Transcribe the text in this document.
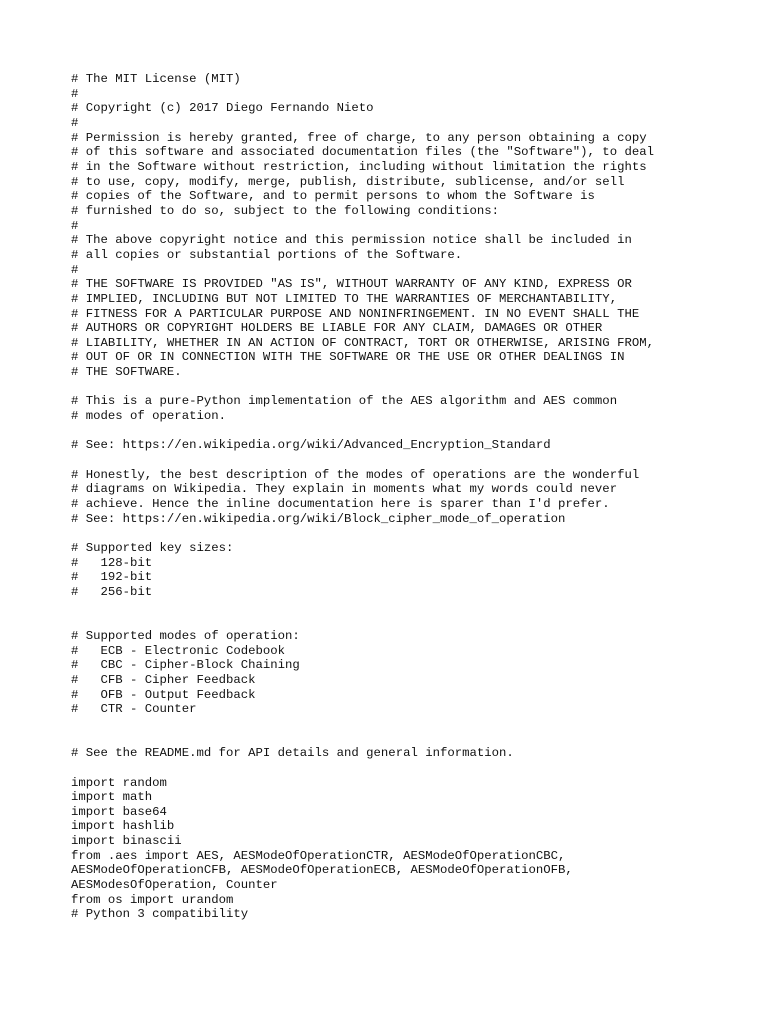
# The MIT License (MIT)
#
# Copyright (c) 2017 Diego Fernando Nieto
#
# Permission is hereby granted, free of charge, to any person obtaining a copy
# of this software and associated documentation files (the "Software"), to deal
# in the Software without restriction, including without limitation the rights
# to use, copy, modify, merge, publish, distribute, sublicense, and/or sell
# copies of the Software, and to permit persons to whom the Software is
# furnished to do so, subject to the following conditions:
#
# The above copyright notice and this permission notice shall be included in
# all copies or substantial portions of the Software.
#
# THE SOFTWARE IS PROVIDED "AS IS", WITHOUT WARRANTY OF ANY KIND, EXPRESS OR
# IMPLIED, INCLUDING BUT NOT LIMITED TO THE WARRANTIES OF MERCHANTABILITY,
# FITNESS FOR A PARTICULAR PURPOSE AND NONINFRINGEMENT. IN NO EVENT SHALL THE
# AUTHORS OR COPYRIGHT HOLDERS BE LIABLE FOR ANY CLAIM, DAMAGES OR OTHER
# LIABILITY, WHETHER IN AN ACTION OF CONTRACT, TORT OR OTHERWISE, ARISING FROM,
# OUT OF OR IN CONNECTION WITH THE SOFTWARE OR THE USE OR OTHER DEALINGS IN
# THE SOFTWARE.
# This is a pure-Python implementation of the AES algorithm and AES common
# modes of operation.
# See: https://en.wikipedia.org/wiki/Advanced_Encryption_Standard
# Honestly, the best description of the modes of operations are the wonderful
# diagrams on Wikipedia. They explain in moments what my words could never
# achieve. Hence the inline documentation here is sparer than I'd prefer.
# See: https://en.wikipedia.org/wiki/Block_cipher_mode_of_operation
# Supported key sizes:
#   128-bit
#   192-bit
#   256-bit
# Supported modes of operation:
#   ECB - Electronic Codebook
#   CBC - Cipher-Block Chaining
#   CFB - Cipher Feedback
#   OFB - Output Feedback
#   CTR - Counter
# See the README.md for API details and general information.
import random
import math
import base64
import hashlib
import binascii
from .aes import AES, AESModeOfOperationCTR, AESModeOfOperationCBC,
AESModeOfOperationCFB, AESModeOfOperationECB, AESModeOfOperationOFB,
AESModesOfOperation, Counter
from os import urandom
# Python 3 compatibility
